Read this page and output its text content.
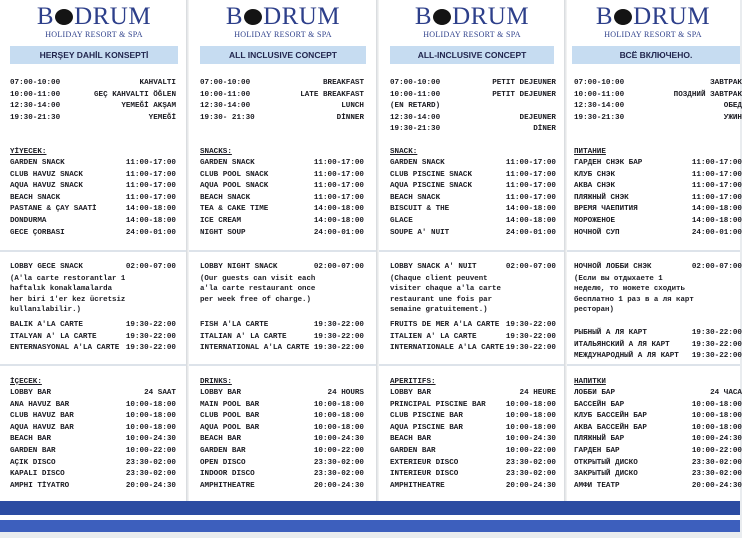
B DRUM
HOLIDAY RESORT & SPA
HERŞEY DAHİL KONSEPTİ
07:00-10:00	KAHVALTI
10:00-11:00	GEÇ KAHVALTI ÖĞLEN
12:30-14:00	YEMEĞİ AKŞAM
19:30-21:30	YEMEĞİ
YİYECEK:
GARDEN SNACK	11:00-17:00
CLUB HAVUZ SNACK	11:00-17:00
AQUA HAVUZ SNACK	11:00-17:00
BEACH SNACK	11:00-17:00
PASTANE & ÇAY SAATİ	14:00-18:00
DONDURMA	14:00-18:00
GECE ÇORBASI	24:00-01:00
LOBBY GECE SNACK	02:00-07:00
(A'la carte restorantlar 1 haftalık konaklamalarda her biri 1'er kez ücretsiz kullanılabilir.)
BALIK A'LA CARTE	19:30-22:00
ITALYAN A' LA CARTE	19:30-22:00
ENTERNASYONAL A'LA CARTE 19:30-22:00
İÇECEK:
LOBBY BAR	24 SAAT
ANA HAVUZ BAR	10:00-18:00
CLUB HAVUZ BAR	10:00-18:00
AQUA HAVUZ BAR	10:00-18:00
BEACH BAR	10:00-24:30
GARDEN BAR	10:00-22:00
AÇIK DISCO	23:30-02:00
KAPALI DISCO	23:30-02:00
AMPHI TİYATRO	20:00-24:30
B DRUM
HOLIDAY RESORT & SPA
ALL INCLUSIVE CONCEPT
07:00-10:00	BREAKFAST
10:00-11:00	LATE BREAKFAST
12:30-14:00	LUNCH
19:30- 21:30	DİNNER
SNACKS:
GARDEN SNACK	11:00-17:00
CLUB POOL SNACK	11:00-17:00
AQUA POOL SNACK	11:00-17:00
BEACH SNACK	11:00-17:00
TEA & CAKE TIME	14:00-18:00
ICE CREAM	14:00-18:00
NIGHT SOUP	24:00-01:00
LOBBY NIGHT SNACK	02:00-07:00
(Our guests can visit each a'la carte restaurant once per week free of charge.)
FISH A'LA CARTE	19:30-22:00
ITALIAN A' LA CARTE	19:30-22:00
INTERNATIONAL A'LA CARTE 19:30-22:00
DRINKS:
LOBBY BAR	24 HOURS
MAIN POOL BAR	10:00-18:00
CLUB POOL BAR	10:00-18:00
AQUA POOL BAR	10:00-18:00
BEACH BAR	10:00-24:30
GARDEN BAR	10:00-22:00
OPEN DISCO	23:30-02:00
INDOOR DISCO	23:30-02:00
AMPHITHEATRE	20:00-24:30
B DRUM
HOLIDAY RESORT & SPA
ALL-INCLUSIVE CONCEPT
07:00-10:00	PETIT DEJEUNER
10:00-11:00	PETIT DEJEUNER
(EN RETARD)
12:30-14:00	DEJEUNER
19:30-21:30	DİNER
SNACK:
GARDEN SNACK	11:00-17:00
CLUB PISCINE SNACK	11:00-17:00
AQUA PISCINE SNACK	11:00-17:00
BEACH SNACK	11:00-17:00
BISCUIT & THE	14:00-18:00
GLACE	14:00-18:00
SOUPE A' NUIT	24:00-01:00
LOBBY SNACK A' NUIT	02:00-07:00
(Chaque client peuvent visiter chaque a'la carte restaurant une fois par semaine gratuitement.)
FRUITS DE MER A'LA CARTE 19:30-22:00
ITALIEN A' LA CARTE	19:30-22:00
INTERNATIONALE A'LA CARTE 19:30-22:00
APERITIFS:
LOBBY BAR	24 HEURE
PRINCIPAL PISCINE BAR	10:00-18:00
CLUB PISCINE BAR	10:00-18:00
AQUA PISCINE BAR	10:00-18:00
BEACH BAR	10:00-24:30
GARDEN BAR	10:00-22:00
EXTERIEUR DISCO	23:30-02:00
INTERIEUR DISCO	23:30-02:00
AMPHITHEATRE	20:00-24:30
B DRUM
HOLIDAY RESORT & SPA
ВСЁ ВКЛЮЧЕНО.
07:00-10:00	ЗАВТРАК
10:00-11:00	ПОЗДНИЙ ЗАВТРАК
12:30-14:00	ОБЕД
19:30-21:30	УЖИН
ПИТАНИЕ
ГАРДЕН СНЭК БАР	11:00-17:00
КЛУБ СНЭК	11:00-17:00
АКВА СНЭК	11:00-17:00
ПЛЯЖНЫЙ СНЭК	11:00-17:00
ВРЕМЯ ЧАЕПИТИЯ	14:00-18:00
МОРОЖЕНОЕ	14:00-18:00
НОЧНОЙ СУП	24:00-01:00
НОЧНОЙ ЛОББИ СНЭК	02:00-07:00
(Если вы отдыхаете 1 неделю, то можете сходить бесплатно 1 раз в а ля карт ресторан)
РЫБНЫЙ А ЛЯ КАРТ	19:30-22:00
ИТАЛЬЯНСКИЙ А ЛЯ КАРТ	19:30-22:00
МЕЖДУНАРОДНЫЙ А ЛЯ КАРТ 19:30-22:00
НАПИТКИ
ЛОББИ БАР	24 ЧАСА
БАССЕЙН БАР	10:00-18:00
КЛУБ БАССЕЙН БАР	10:00-18:00
АКВА БАССЕЙН БАР	10:00-18:00
ПЛЯЖНЫЙ БАР	10:00-24:30
ГАРДЕН БАР	10:00-22:00
ОТКРЫТЫЙ ДИСКО	23:30-02:00
ЗАКРЫТЫЙ ДИСКО	23:30-02:00
АМФИ ТЕАТР	20:00-24:30
